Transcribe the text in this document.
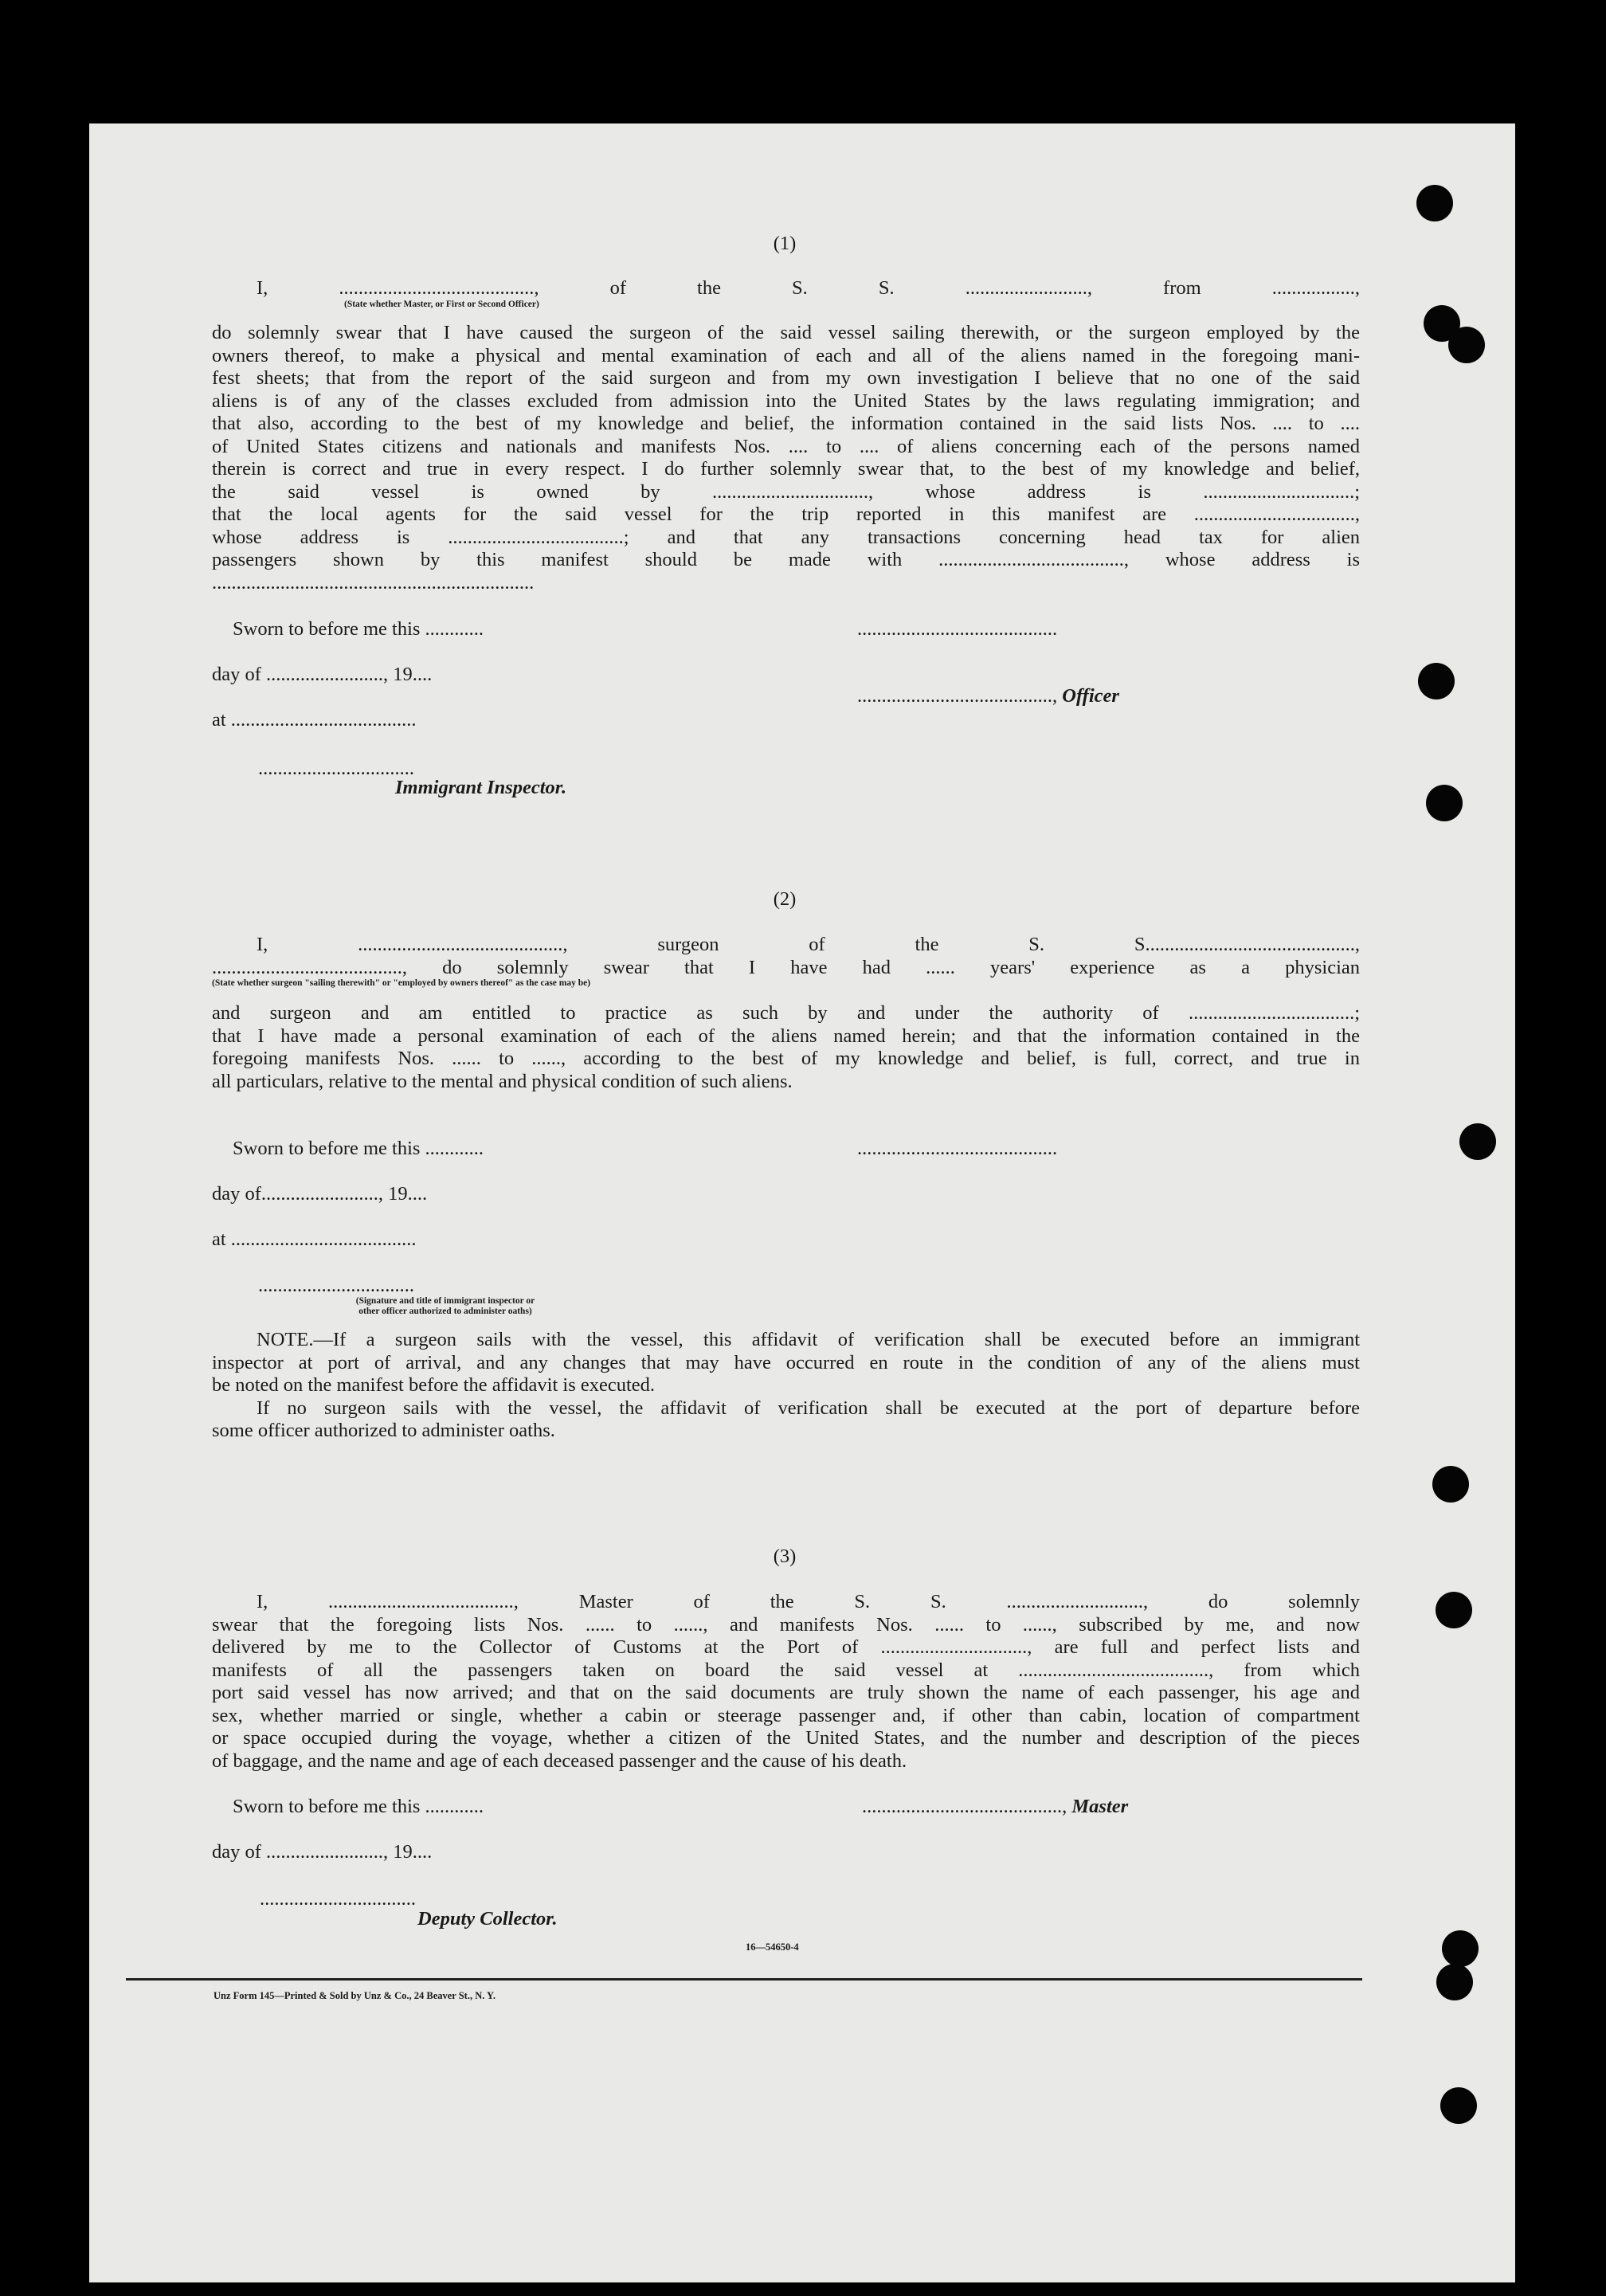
(1)
I, ........................................, of the S. S. ........................., from .................,
(State whether Master, or First or Second Officer)
do solemnly swear that I have caused the surgeon of the said vessel sailing therewith, or the surgeon employed by the
owners thereof, to make a physical and mental examination of each and all of the aliens named in the foregoing mani-
fest sheets; that from the report of the said surgeon and from my own investigation I believe that no one of the said
aliens is of any of the classes excluded from admission into the United States by the laws regulating immigration; and
that also, according to the best of my knowledge and belief, the information contained in the said lists Nos. .... to ....
of United States citizens and nationals and manifests Nos. .... to .... of aliens concerning each of the persons named
therein is correct and true in every respect. I do further solemnly swear that, to the best of my knowledge and belief,
the said vessel is owned by ................................, whose address is ...............................;
that the local agents for the said vessel for the trip reported in this manifest are .................................,
whose address is ....................................; and that any transactions concerning head tax for alien
passengers shown by this manifest should be made with ......................................, whose address is
..................................................................
Sworn to before me this ............
day of ........................, 19....
at ......................................
................................
Immigrant Inspector.
.........................................
........................................, Officer
(2)
I, .........................................., surgeon of the S. S...........................................,
......................................., do solemnly swear that I have had ...... years' experience as a physician
(State whether surgeon "sailing therewith" or "employed by owners thereof" as the case may be)
and surgeon and am entitled to practice as such by and under the authority of ..................................;
that I have made a personal examination of each of the aliens named herein; and that the information contained in the
foregoing manifests Nos. ...... to ......, according to the best of my knowledge and belief, is full, correct, and true in
all particulars, relative to the mental and physical condition of such aliens.
Sworn to before me this ............	.........................................
day of........................, 19....
at ......................................
................................
(Signature and title of immigrant inspector or
other officer authorized to administer oaths)
NOTE.—If a surgeon sails with the vessel, this affidavit of verification shall be executed before an immigrant
inspector at port of arrival, and any changes that may have occurred en route in the condition of any of the aliens must
be noted on the manifest before the affidavit is executed.
If no surgeon sails with the vessel, the affidavit of verification shall be executed at the port of departure before
some officer authorized to administer oaths.
(3)
I, ......................................, Master of the S. S. ............................, do solemnly
swear that the foregoing lists Nos. ...... to ......, and manifests Nos. ...... to ......, subscribed by me, and now
delivered by me to the Collector of Customs at the Port of .............................., are full and perfect lists and
manifests of all the passengers taken on board the said vessel at ......................................., from which
port said vessel has now arrived; and that on the said documents are truly shown the name of each passenger, his age and
sex, whether married or single, whether a cabin or steerage passenger and, if other than cabin, location of compartment
or space occupied during the voyage, whether a citizen of the United States, and the number and description of the pieces
of baggage, and the name and age of each deceased passenger and the cause of his death.
Sworn to before me this ............	........................................., Master
day of ........................, 19....
................................
Deputy Collector.
16—54650-4
Unz Form 145—Printed & Sold by Unz & Co., 24 Beaver St., N. Y.
